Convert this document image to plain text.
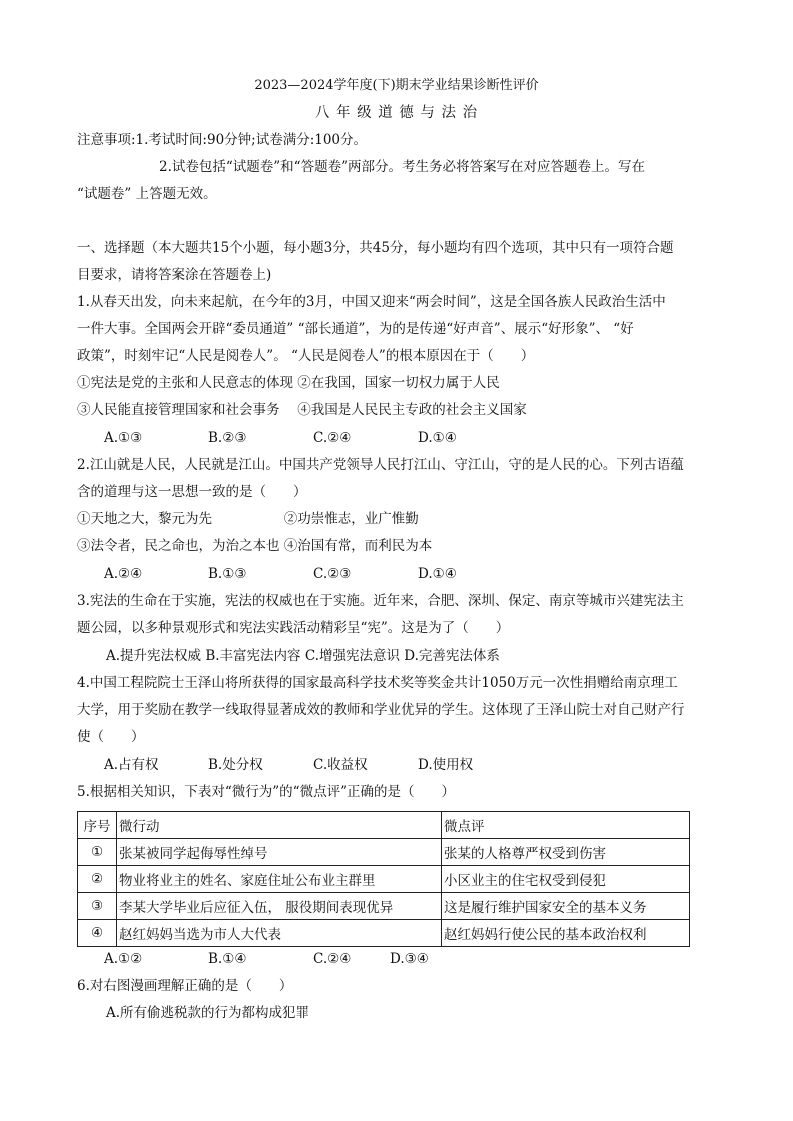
2023—2024学年度(下)期末学业结果诊断性评价
八 年 级 道 德 与 法 治
注意事项:1.考试时间:90分钟;试卷满分:100分。
2.试卷包括“试题卷”和“答题卷”两部分。考生务必将答案写在对应答题卷上。写在
“试题卷” 上答题无效。
一、选择题（本大题共15个小题，每小题3分，共45分，每小题均有四个选项，其中只有一项符合题
目要求，请将答案涂在答题卷上)
1.从春天出发，向未来起航，在今年的3月，中国又迎来“两会时间”，这是全国各族人民政治生活中
一件大事。全国两会开辟“委员通道” “部长通道”，为的是传递“好声音”、展示“好形象”、 “好
政策”，时刻牢记“人民是阅卷人”。 “人民是阅卷人”的根本原因在于（　　）
①宪法是党的主张和人民意志的体现 ②在我国，国家一切权力属于人民
③人民能直接管理国家和社会事务 　④我国是人民民主专政的社会主义国家
A.①③	B.②③	C.②④	D.①④
2.江山就是人民，人民就是江山。中国共产党领导人民打江山、守江山，守的是人民的心。下列古语蕴
含的道理与这一思想一致的是（　　）
①天地之大，黎元为先 　　　　　②功崇惟志，业广惟勤
③法令者，民之命也，为治之本也 ④治国有常，而利民为本
A.②④	B.①③	C.②③	D.①④
3.宪法的生命在于实施，宪法的权威也在于实施。近年来，合肥、深圳、保定、南京等城市兴建宪法主
题公园，以多种景观形式和宪法实践活动精彩呈“宪”。这是为了（　　）
A.提升宪法权威 B.丰富宪法内容 C.增强宪法意识 D.完善宪法体系
4.中国工程院院士王泽山将所获得的国家最高科学技术奖等奖金共计1050万元一次性捐赠给南京理工
大学，用于奖励在教学一线取得显著成效的教师和学业优异的学生。这体现了王泽山院士对自己财产行
使（　　）
A.占有权	B.处分权	C.收益权	D.使用权
5.根据相关知识，下表对“微行为”的“微点评”正确的是（　　）
序号	微行动	微点评
①	张某被同学起侮辱性绰号	张某的人格尊严权受到伤害
②	物业将业主的姓名、家庭住址公布业主群里	小区业主的住宅权受到侵犯
③	李某大学毕业后应征入伍， 服役期间表现优异	这是履行维护国家安全的基本义务
④	赵红妈妈当选为市人大代表	赵红妈妈行使公民的基本政治权利
A.①②	B.①④	C.②④	D.③④
6.对右图漫画理解正确的是（　　）
A.所有偷逃税款的行为都构成犯罪
